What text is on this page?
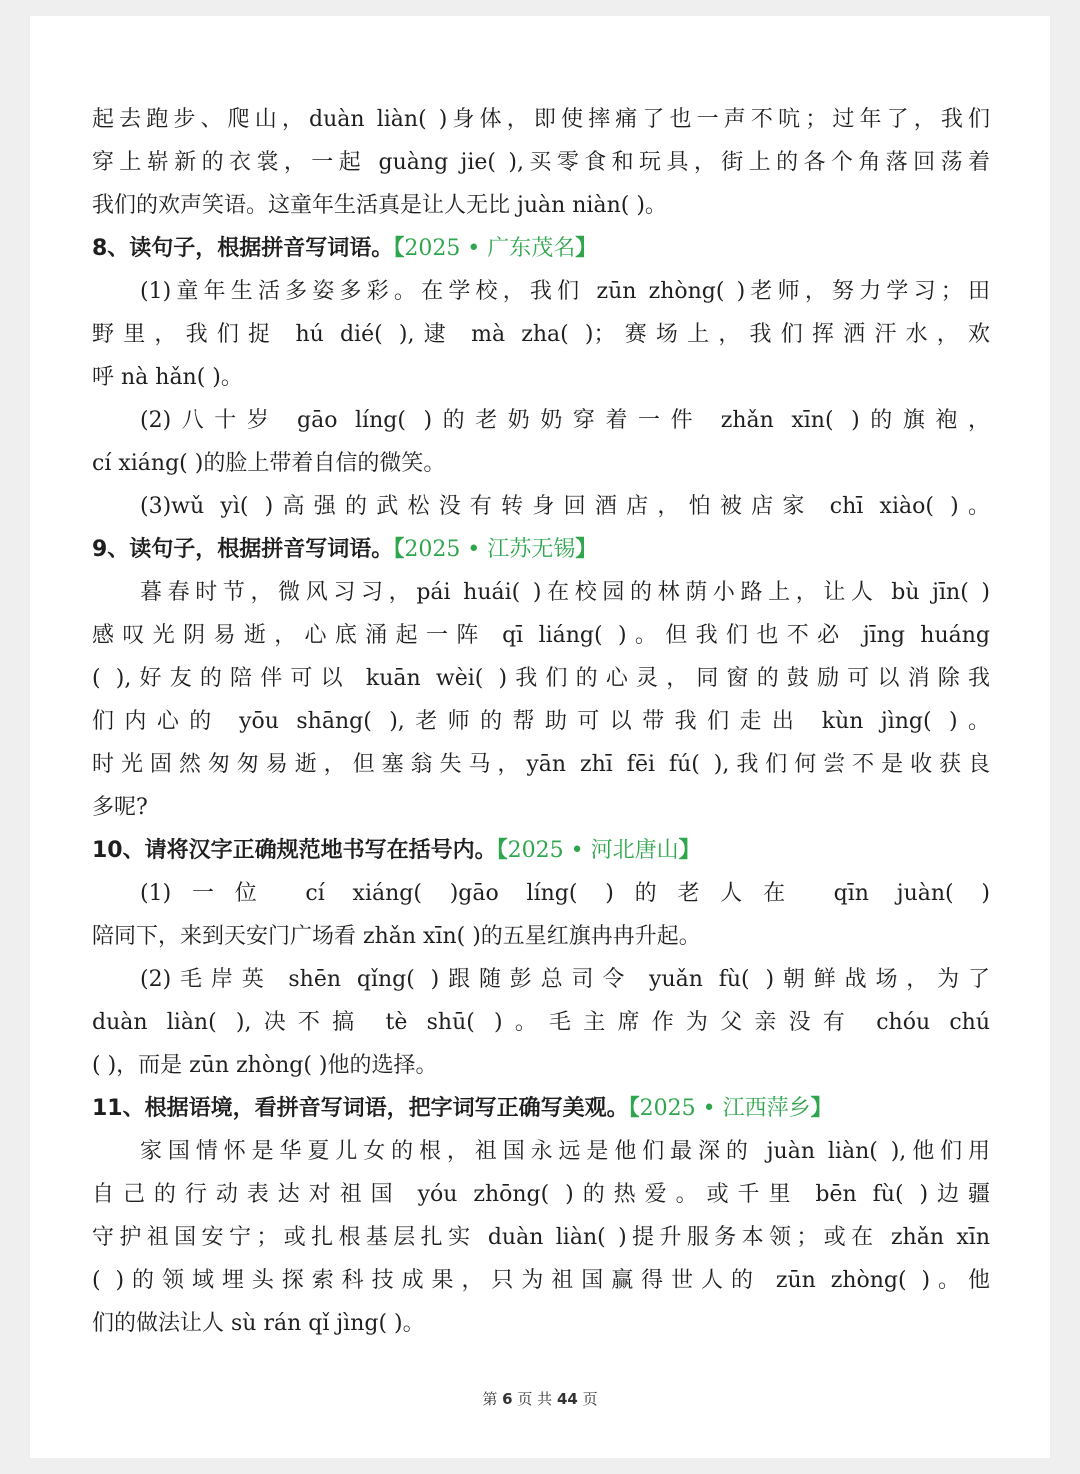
起去跑步、爬山，duàn liàn( )身体，即使摔痛了也一声不吭；过年了，我们
穿上崭新的衣裳，一起 guàng jie( ),买零食和玩具，街上的各个角落回荡着
我们的欢声笑语。这童年生活真是让人无比 juàn niàn( )。
8、读句子，根据拼音写词语。【2025 • 广东茂名】
(1)童年生活多姿多彩。在学校，我们 zūn zhòng( )老师，努力学习；田
野里，我们捉 hú dié( ),逮 mà zha( )；赛场上，我们挥洒汗水，欢
呼 nà hǎn( )。
(2)八十岁 gāo líng( )的老奶奶穿着一件 zhǎn xīn( )的旗袍，
cí xiáng( )的脸上带着自信的微笑。
(3)wǔ yì( )高强的武松没有转身回酒店，怕被店家 chī xiào( )。
9、读句子，根据拼音写词语。【2025 • 江苏无锡】
暮春时节，微风习习，pái huái( )在校园的林荫小路上，让人 bù jīn( )
感叹光阴易逝，心底涌起一阵 qī liáng( )。但我们也不必 jīng huáng
( ),好友的陪伴可以 kuān wèi( )我们的心灵，同窗的鼓励可以消除我
们内心的 yōu shāng( ),老师的帮助可以带我们走出 kùn jìng( )。
时光固然匆匆易逝，但塞翁失马，yān zhī fēi fú( ),我们何尝不是收获良
多呢?
10、请将汉字正确规范地书写在括号内。【2025 • 河北唐山】
(1)一位 cí xiáng( )gāo líng( )的老人在 qīn juàn( )
陪同下，来到天安门广场看 zhǎn xīn( )的五星红旗冉冉升起。
(2)毛岸英 shēn qǐng( )跟随彭总司令 yuǎn fù( )朝鲜战场，为了
duàn liàn( ),决不搞 tè shū( )。毛主席作为父亲没有 chóu chú
( )，而是 zūn zhòng( )他的选择。
11、根据语境，看拼音写词语，把字词写正确写美观。【2025 • 江西萍乡】
家国情怀是华夏儿女的根，祖国永远是他们最深的 juàn liàn( ),他们用
自己的行动表达对祖国 yóu zhōng( )的热爱。或千里 bēn fù( )边疆
守护祖国安宁；或扎根基层扎实 duàn liàn( )提升服务本领；或在 zhǎn xīn
( )的领域埋头探索科技成果，只为祖国赢得世人的 zūn zhòng( )。他
们的做法让人 sù rán qǐ jìng( )。
第 6 页 共 44 页
